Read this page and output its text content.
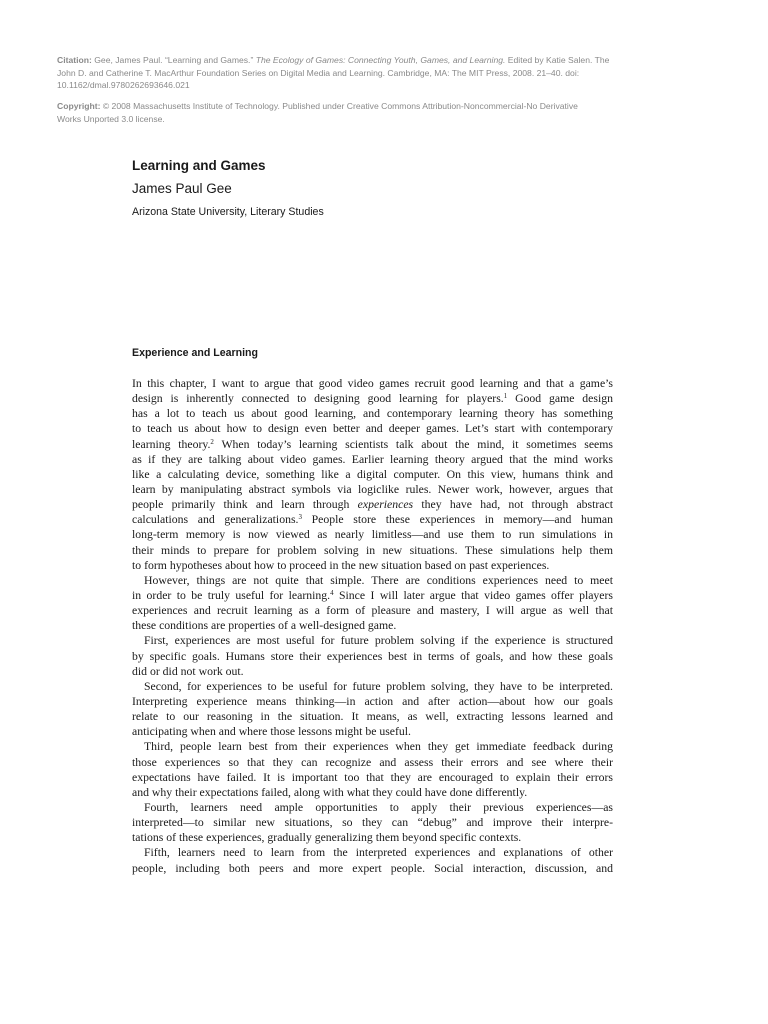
Citation: Gee, James Paul. “Learning and Games.” The Ecology of Games: Connecting Youth, Games, and Learning. Edited by Katie Salen. The
John D. and Catherine T. MacArthur Foundation Series on Digital Media and Learning. Cambridge, MA: The MIT Press, 2008. 21–40. doi:
10.1162/dmal.9780262693646.021
Copyright: © 2008 Massachusetts Institute of Technology. Published under Creative Commons Attribution-Noncommercial-No Derivative
Works Unported 3.0 license.
Learning and Games
James Paul Gee
Arizona State University, Literary Studies
Experience and Learning
In this chapter, I want to argue that good video games recruit good learning and that a game’s
design is inherently connected to designing good learning for players.$^1$ Good game design
has a lot to teach us about good learning, and contemporary learning theory has something
to teach us about how to design even better and deeper games. Let’s start with contemporary
learning theory.$^2$ When today’s learning scientists talk about the mind, it sometimes seems
as if they are talking about video games. Earlier learning theory argued that the mind works
like a calculating device, something like a digital computer. On this view, humans think and
learn by manipulating abstract symbols via logiclike rules. Newer work, however, argues that
people primarily think and learn through experiences they have had, not through abstract
calculations and generalizations.$^3$ People store these experiences in memory—and human
long-term memory is now viewed as nearly limitless—and use them to run simulations in
their minds to prepare for problem solving in new situations. These simulations help them
to form hypotheses about how to proceed in the new situation based on past experiences.
However, things are not quite that simple. There are conditions experiences need to meet
in order to be truly useful for learning.$^4$ Since I will later argue that video games offer players
experiences and recruit learning as a form of pleasure and mastery, I will argue as well that
these conditions are properties of a well-designed game.
First, experiences are most useful for future problem solving if the experience is structured
by specific goals. Humans store their experiences best in terms of goals, and how these goals
did or did not work out.
Second, for experiences to be useful for future problem solving, they have to be interpreted.
Interpreting experience means thinking—in action and after action—about how our goals
relate to our reasoning in the situation. It means, as well, extracting lessons learned and
anticipating when and where those lessons might be useful.
Third, people learn best from their experiences when they get immediate feedback during
those experiences so that they can recognize and assess their errors and see where their
expectations have failed. It is important too that they are encouraged to explain their errors
and why their expectations failed, along with what they could have done differently.
Fourth, learners need ample opportunities to apply their previous experiences—as
interpreted—to similar new situations, so they can “debug” and improve their interpre-
tations of these experiences, gradually generalizing them beyond specific contexts.
Fifth, learners need to learn from the interpreted experiences and explanations of other
people, including both peers and more expert people. Social interaction, discussion, and
